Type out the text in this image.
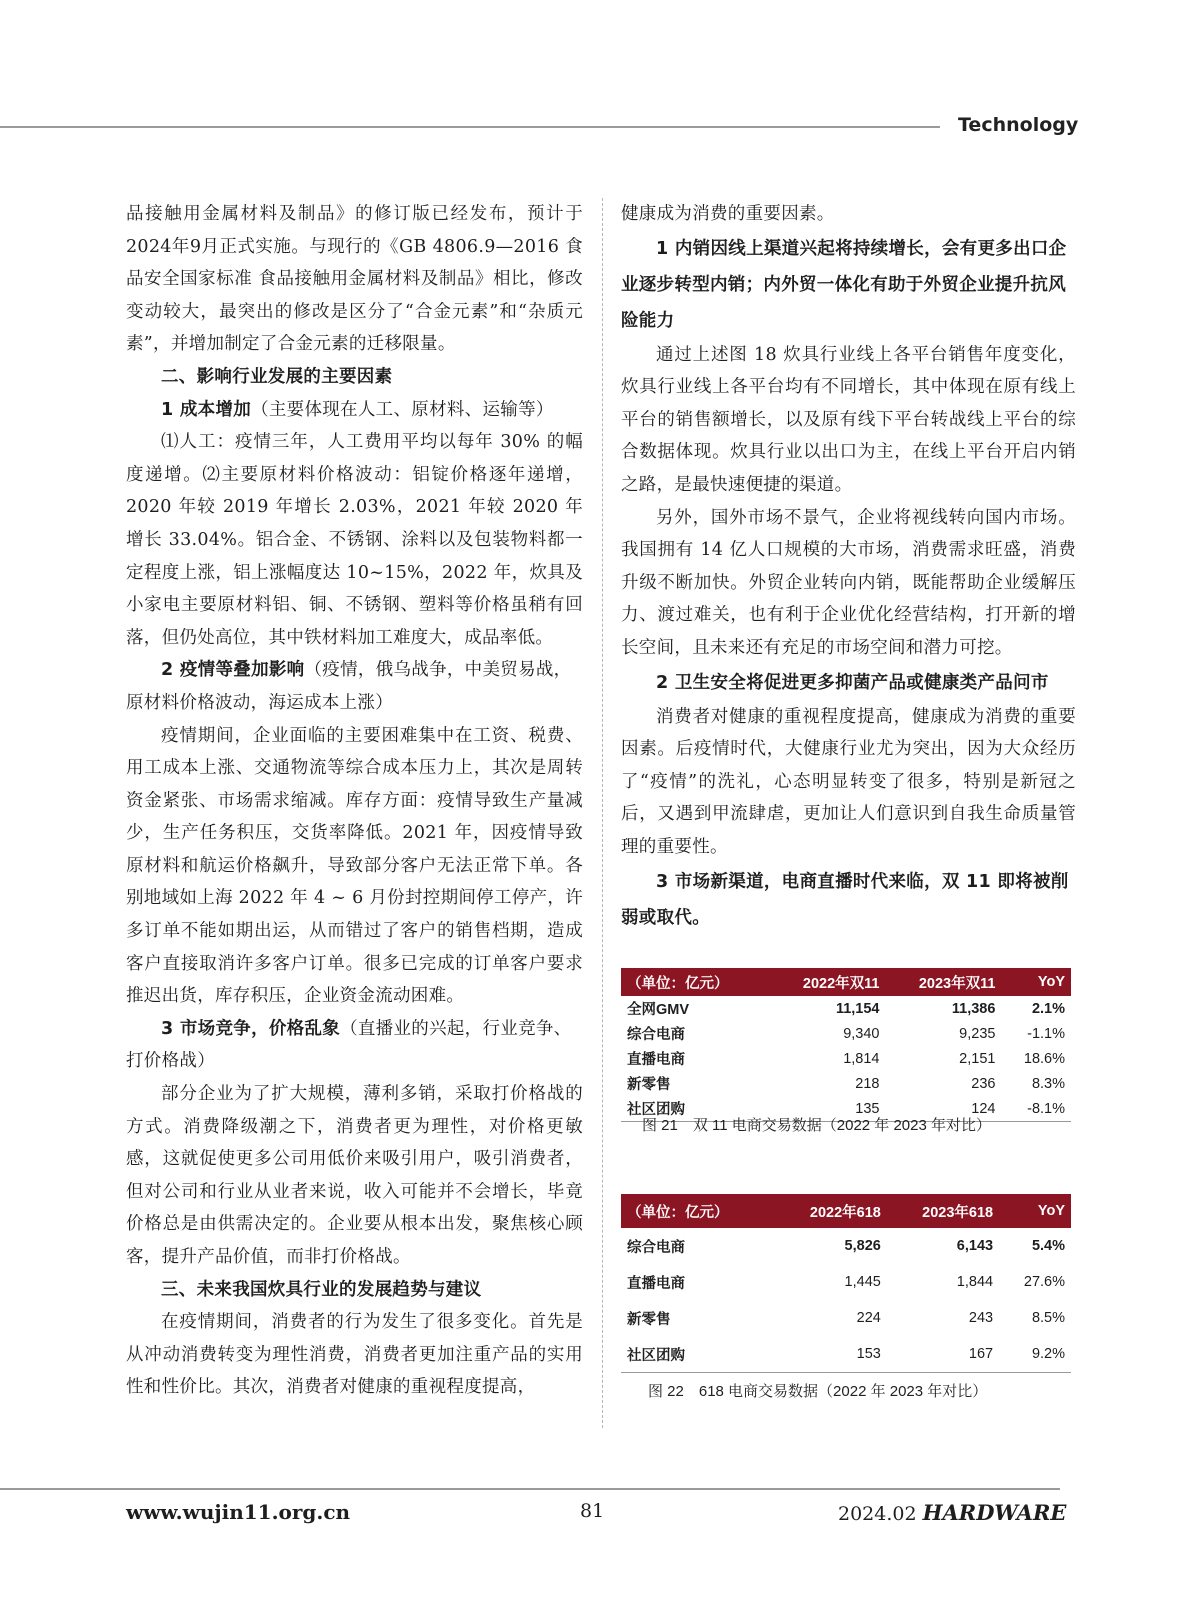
Technology

品接触用金属材料及制品》的修订版已经发布，预计于2024年9月正式实施。与现行的《GB 4806.9—2016 食品安全国家标准 食品接触用金属材料及制品》相比，修改变动较大，最突出的修改是区分了“合金元素”和“杂质元素”，并增加制定了合金元素的迁移限量。

二、影响行业发展的主要因素
1 成本增加（主要体现在人工、原材料、运输等）

⑴人工：疫情三年，人工费用平均以每年 30% 的幅度递增。⑵主要原材料价格波动：铝锭价格逐年递增，2020 年较 2019 年增长 2.03%，2021 年较 2020 年增长 33.04%。铝合金、不锈钢、涂料以及包装物料都一定程度上涨，铝上涨幅度达 10~15%，2022 年，炊具及小家电主要原材料铝、铜、不锈钢、塑料等价格虽稍有回落，但仍处高位，其中铁材料加工难度大，成品率低。

2 疫情等叠加影响（疫情，俄乌战争，中美贸易战，原材料价格波动，海运成本上涨）

疫情期间，企业面临的主要困难集中在工资、税费、用工成本上涨、交通物流等综合成本压力上，其次是周转资金紧张、市场需求缩减。库存方面：疫情导致生产量减少，生产任务积压，交货率降低。2021 年，因疫情导致原材料和航运价格飙升，导致部分客户无法正常下单。各别地域如上海 2022 年 4 ~ 6 月份封控期间停工停产，许多订单不能如期出运，从而错过了客户的销售档期，造成客户直接取消许多客户订单。很多已完成的订单客户要求推迟出货，库存积压，企业资金流动困难。

3 市场竞争，价格乱象（直播业的兴起，行业竞争、打价格战）

部分企业为了扩大规模，薄利多销，采取打价格战的方式。消费降级潮之下，消费者更为理性，对价格更敏感，这就促使更多公司用低价来吸引用户，吸引消费者，但对公司和行业从业者来说，收入可能并不会增长，毕竟价格总是由供需决定的。企业要从根本出发，聚焦核心顾客，提升产品价值，而非打价格战。

三、未来我国炊具行业的发展趋势与建议

在疫情期间，消费者的行为发生了很多变化。首先是从冲动消费转变为理性消费，消费者更加注重产品的实用性和性价比。其次，消费者对健康的重视程度提高，

健康成为消费的重要因素。

1 内销因线上渠道兴起将持续增长，会有更多出口企业逐步转型内销；内外贸一体化有助于外贸企业提升抗风险能力

通过上述图 18 炊具行业线上各平台销售年度变化，炊具行业线上各平台均有不同增长，其中体现在原有线上平台的销售额增长，以及原有线下平台转战线上平台的综合数据体现。炊具行业以出口为主，在线上平台开启内销之路，是最快速便捷的渠道。

另外，国外市场不景气，企业将视线转向国内市场。我国拥有 14 亿人口规模的大市场，消费需求旺盛，消费升级不断加快。外贸企业转向内销，既能帮助企业缓解压力、渡过难关，也有利于企业优化经营结构，打开新的增长空间，且未来还有充足的市场空间和潜力可挖。

2 卫生安全将促进更多抑菌产品或健康类产品问市

消费者对健康的重视程度提高，健康成为消费的重要因素。后疫情时代，大健康行业尤为突出，因为大众经历了“疫情”的洗礼，心态明显转变了很多，特别是新冠之后，又遇到甲流肆虐，更加让人们意识到自我生命质量管理的重要性。

3 市场新渠道，电商直播时代来临，双 11 即将被削弱或取代。
（单位：亿元）	2022年双11	2023年双11	YoY
全网GMV	11,154	11,386	2.1%
综合电商	9,340	9,235	-1.1%
直播电商	1,814	2,151	18.6%
新零售	218	236	8.3%
社区团购	135	124	-8.1%
图 21　双 11 电商交易数据（2022 年 2023 年对比）
（单位：亿元）	2022年618	2023年618	YoY
综合电商	5,826	6,143	5.4%
直播电商	1,445	1,844	27.6%
新零售	224	243	8.5%
社区团购	153	167	9.2%
图 22　618 电商交易数据（2022 年 2023 年对比）
www.wujin11.org.cn	81	2024.02 HARDWARE
